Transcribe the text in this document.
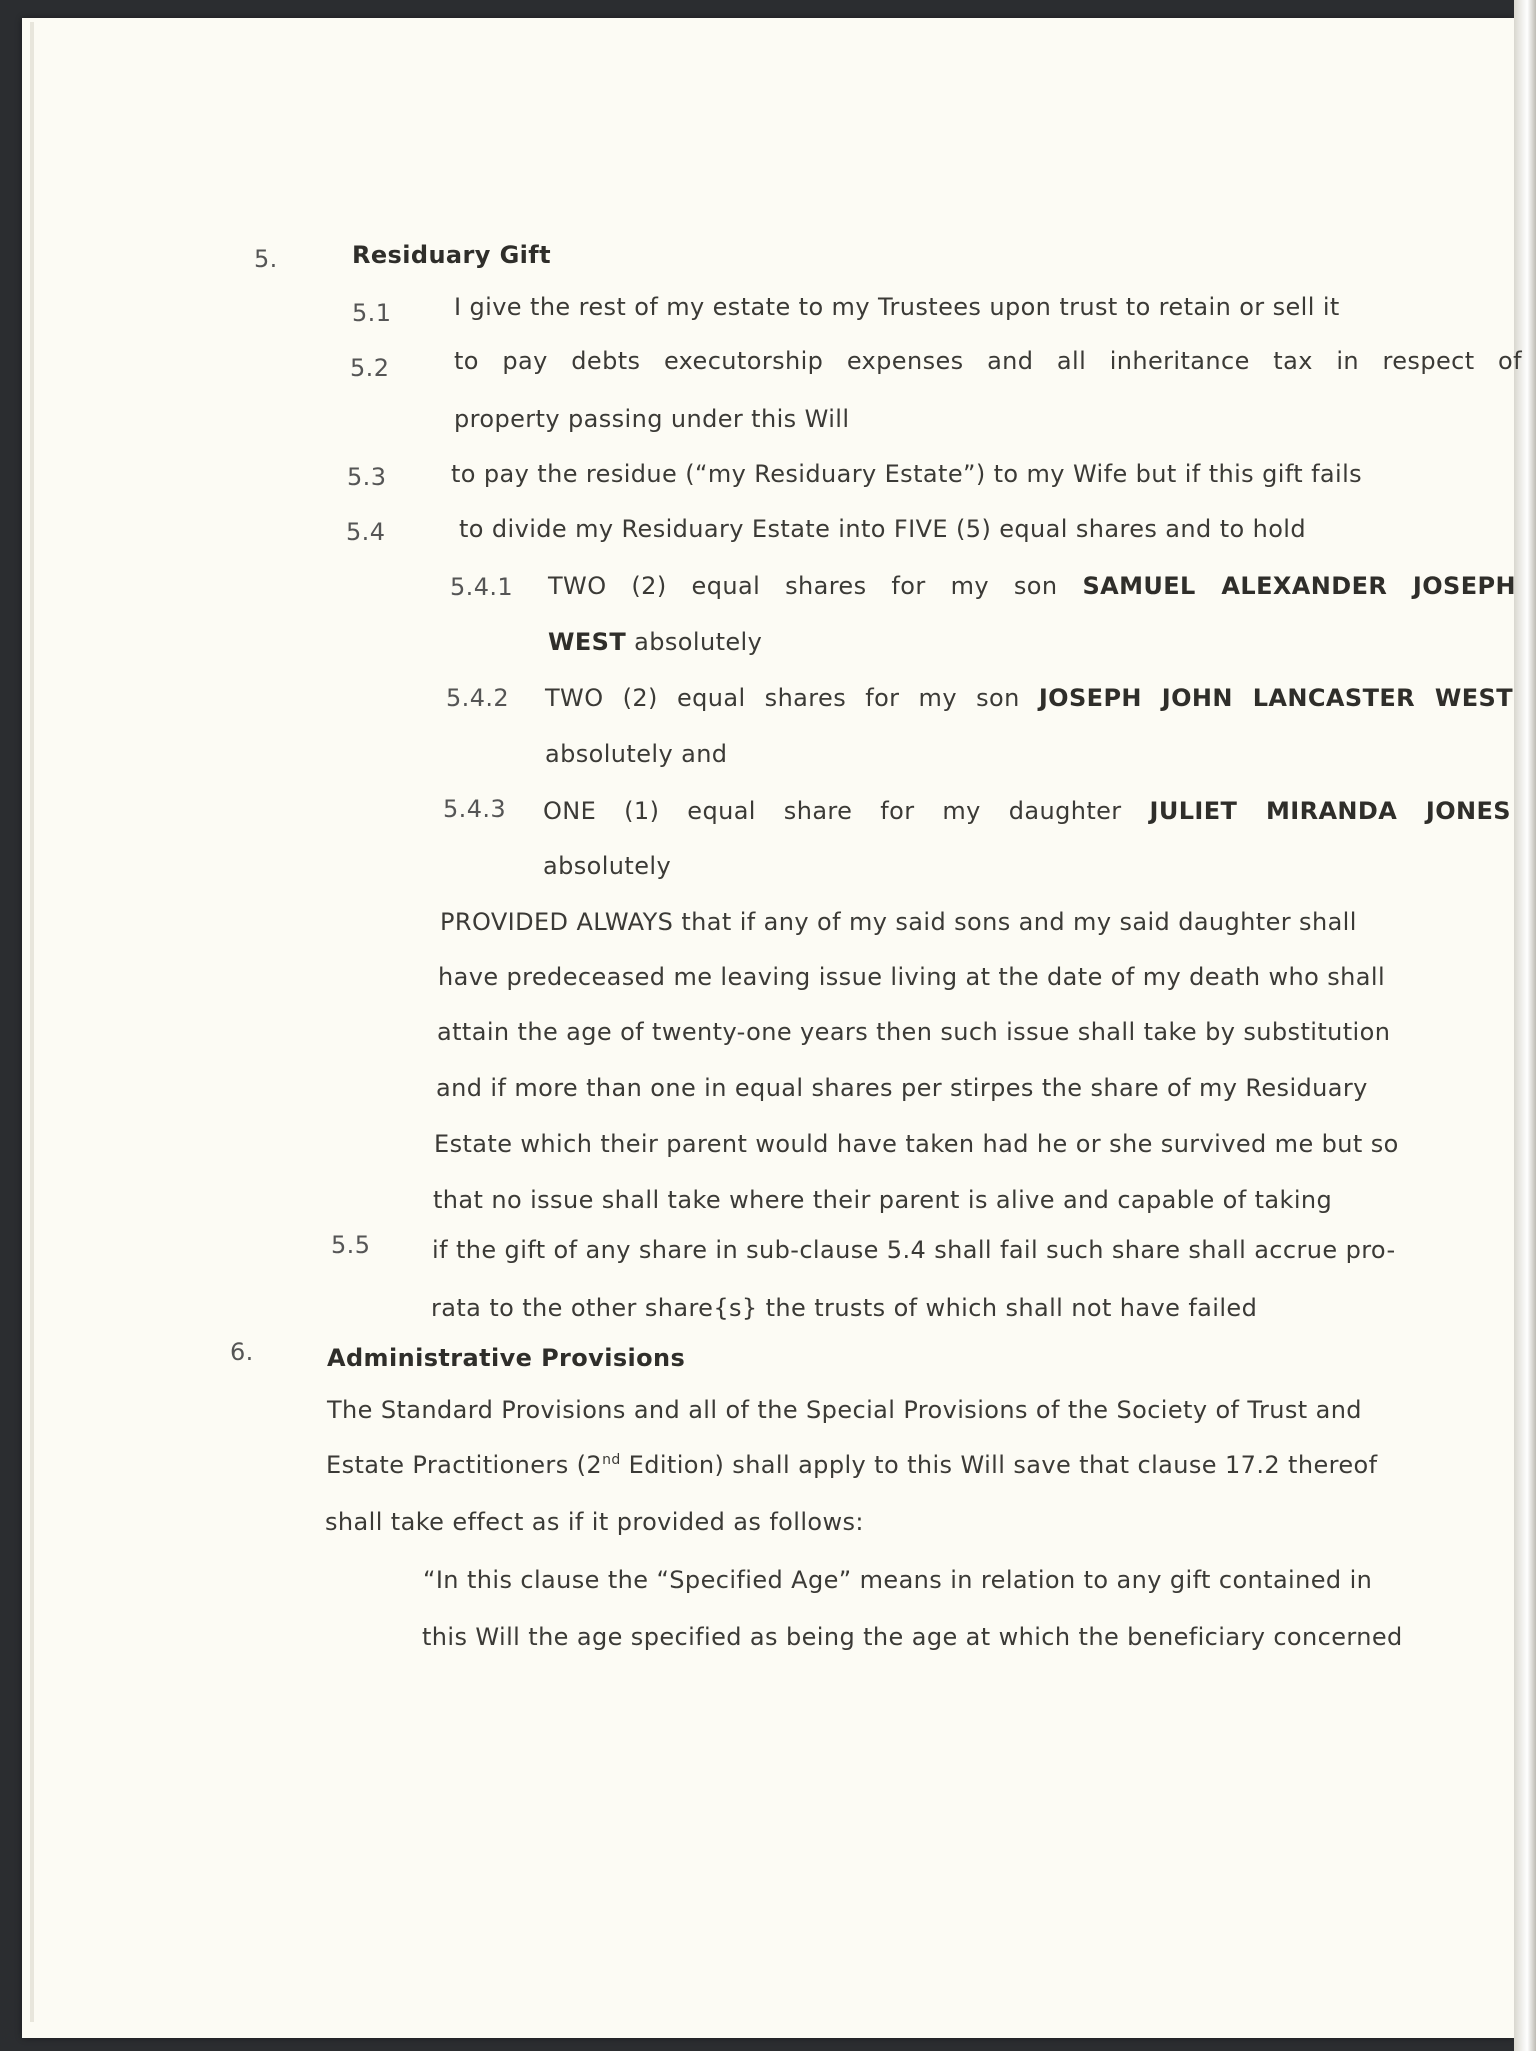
5.	Residuary Gift

5.1	I give the rest of my estate to my Trustees upon trust to retain or sell it

5.2	to pay debts executorship expenses and all inheritance tax in respect of

property passing under this Will

5.3	to pay the residue (“my Residuary Estate”) to my Wife but if this gift fails

5.4	to divide my Residuary Estate into FIVE (5) equal shares and to hold

5.4.1 TWO (2) equal shares for my son SAMUEL ALEXANDER JOSEPH

WEST absolutely

5.4.2 TWO (2) equal shares for my son JOSEPH JOHN LANCASTER WEST

absolutely and

5.4.3 ONE (1) equal share for my daughter JULIET MIRANDA JONES

absolutely

PROVIDED ALWAYS that if any of my said sons and my said daughter shall

have predeceased me leaving issue living at the date of my death who shall

attain the age of twenty-one years then such issue shall take by substitution

and if more than one in equal shares per stirpes the share of my Residuary

Estate which their parent would have taken had he or she survived me but so

that no issue shall take where their parent is alive and capable of taking

5.5	if the gift of any share in sub-clause 5.4 shall fail such share shall accrue pro-

rata to the other share{s} the trusts of which shall not have failed

6.	Administrative Provisions

The Standard Provisions and all of the Special Provisions of the Society of Trust and

Estate Practitioners (2nd Edition) shall apply to this Will save that clause 17.2 thereof

shall take effect as if it provided as follows:

“In this clause the “Specified Age” means in relation to any gift contained in

this Will the age specified as being the age at which the beneficiary concerned
